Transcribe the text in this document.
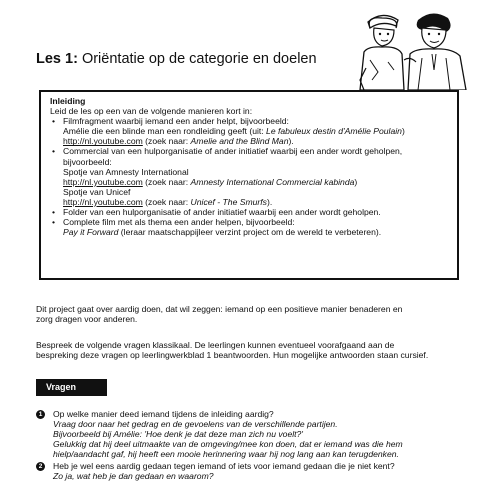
Les 1: Oriëntatie op de categorie en doelen
Inleiding
Leid de les op een van de volgende manieren kort in:
• Filmfragment waarbij iemand een ander helpt, bijvoorbeeld:
Amélie die een blinde man een rondleiding geeft (uit: Le fabuleux destin d'Amélie Poulain)
http://nl.youtube.com (zoek naar: Amelie and the Blind Man).
• Commercial van een hulporganisatie of ander initiatief waarbij een ander wordt geholpen,
bijvoorbeeld:
Spotje van Amnesty International
http://nl.youtube.com (zoek naar: Amnesty International Commercial kabinda)
Spotje van Unicef
http://nl.youtube.com (zoek naar: Unicef - The Smurfs).
• Folder van een hulporganisatie of ander initiatief waarbij een ander wordt geholpen.
• Complete film met als thema een ander helpen, bijvoorbeeld:
Pay it Forward (leraar maatschappijleer verzint project om de wereld te verbeteren).
Dit project gaat over aardig doen, dat wil zeggen: iemand op een positieve manier benaderen en
zorg dragen voor anderen.
Bespreek de volgende vragen klassikaal. De leerlingen kunnen eventueel voorafgaand aan de
bespreking deze vragen op leerlingwerkblad 1 beantwoorden. Hun mogelijke antwoorden staan cursief.
Vragen
1	Op welke manier deed iemand tijdens de inleiding aardig?
Vraag door naar het gedrag en de gevoelens van de verschillende partijen.
Bijvoorbeeld bij Amélie: 'Hoe denk je dat deze man zich nu voelt?'
Gelukkig dat hij deel uitmaakte van de omgeving/mee kon doen, dat er iemand was die hem
hielp/aandacht gaf, hij heeft een mooie herinnering waar hij nog lang aan kan terugdenken.
2	Heb je wel eens aardig gedaan tegen iemand of iets voor iemand gedaan die je niet kent?
Zo ja, wat heb je dan gedaan en waarom?
